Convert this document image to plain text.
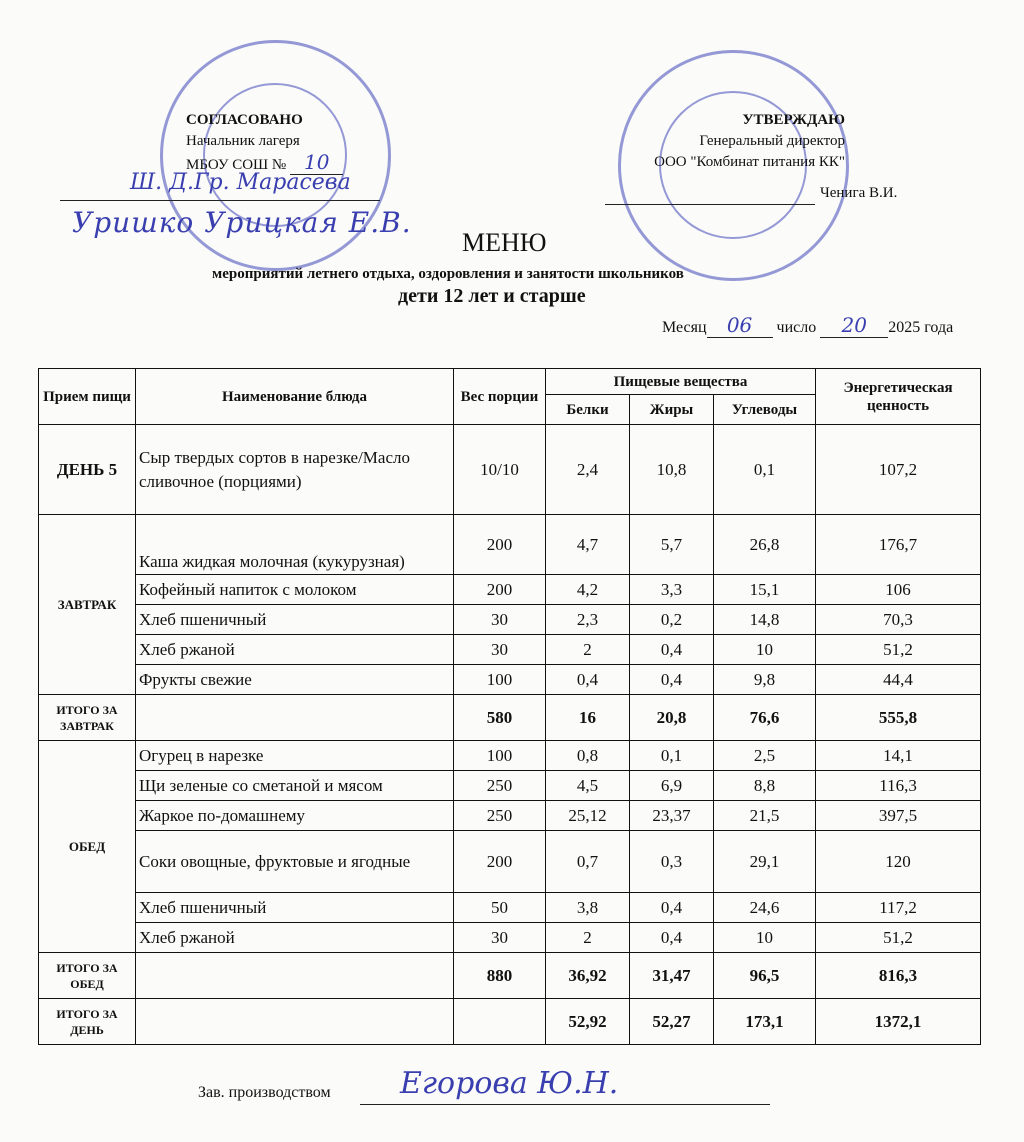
СОГЛАСОВАНО
Начальник лагеря
МБОУ СОШ № 10
Ш. Д.Гр. Марасева
Уришко Урицкая Е.В.
УТВЕРЖДАЮ
Генеральный директор
ООО "Комбинат питания КК"
Ченига В.И.
МЕНЮ
мероприятий летнего отдыха, оздоровления и занятости школьников
дети 12 лет и старше
Месяц 06 число 20 2025 года
Прием пищи	Наименование блюда	Вес порции	Пищевые вещества			Энергетическая ценность
			Белки	Жиры	Углеводы	
ДЕНЬ 5	Сыр твердых сортов в нарезке/Масло сливочное (порциями)	10/10	2,4	10,8	0,1	107,2
ЗАВТРАК	Каша жидкая молочная (кукурузная)	200	4,7	5,7	26,8	176,7
	Кофейный напиток с молоком	200	4,2	3,3	15,1	106
	Хлеб пшеничный	30	2,3	0,2	14,8	70,3
	Хлеб ржаной	30	2	0,4	10	51,2
	Фрукты свежие	100	0,4	0,4	9,8	44,4
ИТОГО ЗА ЗАВТРАК		580	16	20,8	76,6	555,8
ОБЕД	Огурец в нарезке	100	0,8	0,1	2,5	14,1
	Щи зеленые со сметаной и мясом	250	4,5	6,9	8,8	116,3
	Жаркое по-домашнему	250	25,12	23,37	21,5	397,5
	Соки овощные, фруктовые и ягодные	200	0,7	0,3	29,1	120
	Хлеб пшеничный	50	3,8	0,4	24,6	117,2
	Хлеб ржаной	30	2	0,4	10	51,2
ИТОГО ЗА ОБЕД		880	36,92	31,47	96,5	816,3
ИТОГО ЗА ДЕНЬ			52,92	52,27	173,1	1372,1
Зав. производством Егорова Ю.Н.
